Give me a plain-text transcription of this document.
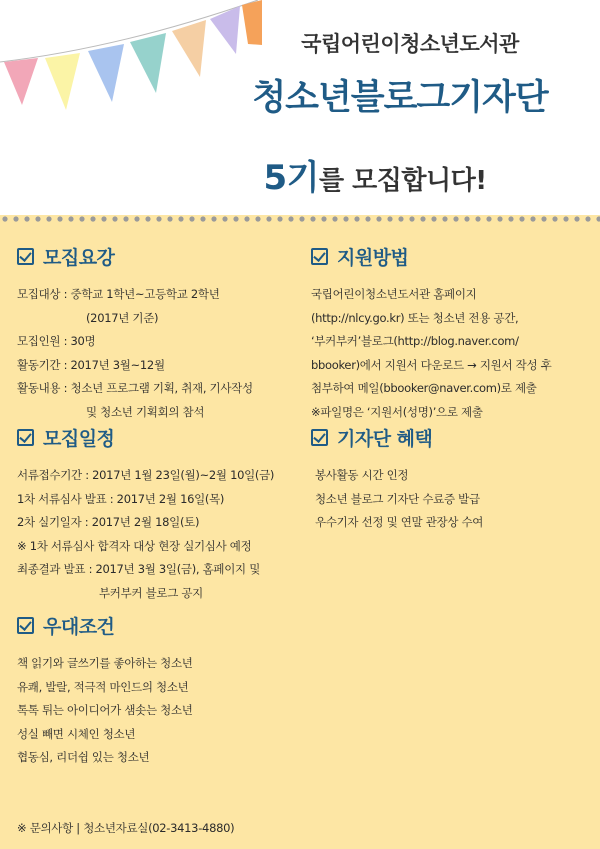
국립어린이청소년도서관
청소년블로그기자단
5기를 모집합니다!
모집요강
모집대상 : 중학교 1학년~고등학교 2학년
(2017년 기준)
모집인원 : 30명
활동기간 : 2017년 3월~12월
활동내용 : 청소년 프로그램 기획, 취재, 기사작성
및 청소년 기획회의 참석
모집일정
서류접수기간 : 2017년 1월 23일(월)~2월 10일(금)
1차 서류심사 발표 : 2017년 2월 16일(목)
2차 실기일자 : 2017년 2월 18일(토)
※ 1차 서류심사 합격자 대상 현장 실기심사 예정
최종결과 발표 : 2017년 3월 3일(금), 홈페이지 및
부커부커 블로그 공지
우대조건
책 읽기와 글쓰기를 좋아하는 청소년
유쾌, 발랄, 적극적 마인드의 청소년
톡톡 튀는 아이디어가 샘솟는 청소년
성실 빼면 시체인 청소년
협동심, 리더쉽 있는 청소년
지원방법
국립어린이청소년도서관 홈페이지
(http://nlcy.go.kr) 또는 청소년 전용 공간,
‘부커부커’블로그(http://blog.naver.com/
bbooker)에서 지원서 다운로드 → 지원서 작성 후
첨부하여 메일(bbooker@naver.com)로 제출
※파일명은 ‘지원서(성명)’으로 제출
기자단 혜택
봉사활동 시간 인정
청소년 블로그 기자단 수료증 발급
우수기자 선정 및 연말 관장상 수여
※ 문의사항 | 청소년자료실(02-3413-4880)
